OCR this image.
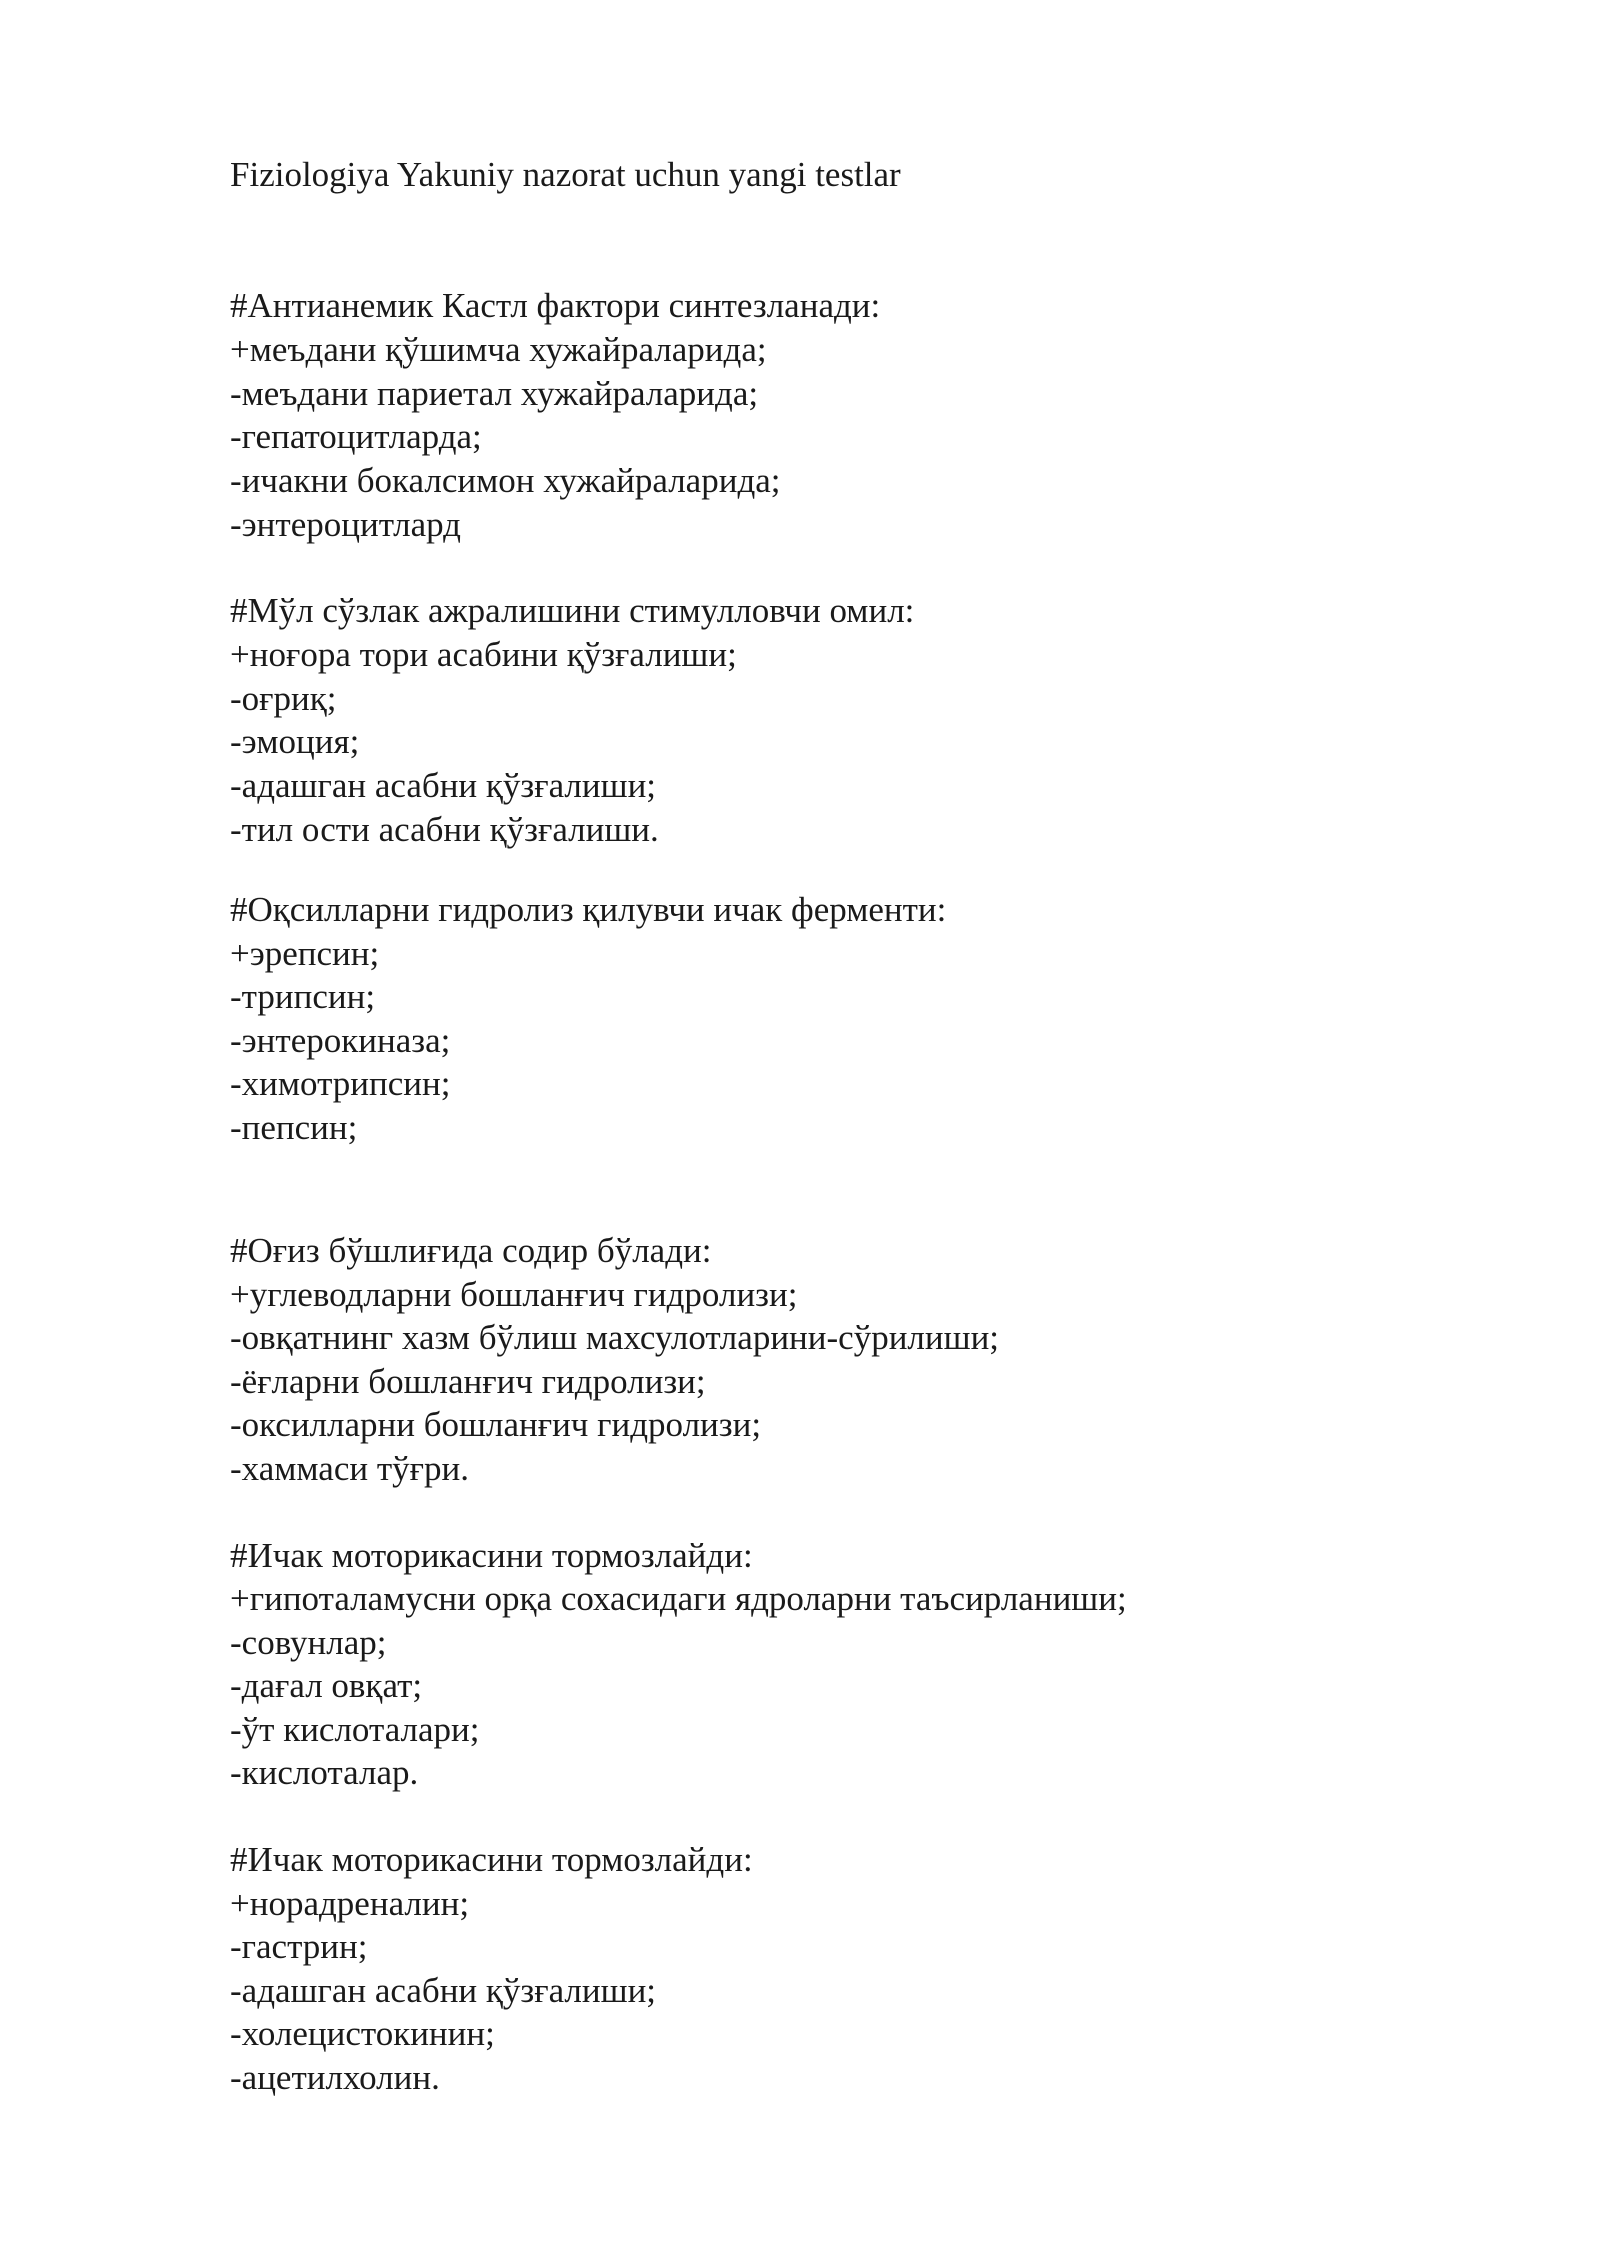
Fiziologiya Yakuniy nazorat uchun yangi testlar

#Антианемик Кастл фактори синтезланади:

+меъдани қўшимча хужайраларида;

-меъдани париетал хужайраларида;

-гепатоцитларда;

-ичакни бокалсимон хужайраларида;

-энтероцитлард

#Мўл сўзлак ажралишини стимулловчи омил:

+ноғора тори асабини қўзғалиши;

-оғриқ;

-эмоция;

-адашган асабни қўзғалиши;

-тил ости асабни қўзғалиши.

#Оқсилларни гидролиз қилувчи ичак ферменти:

+эрепсин;

-трипсин;

-энтерокиназа;

-химотрипсин;

-пепсин;

#Оғиз бўшлиғида содир бўлади:

+углеводларни бошланғич гидролизи;

-овқатнинг хазм бўлиш махсулотларини-сўрилиши;

-ёғларни бошланғич гидролизи;

-оксилларни бошланғич гидролизи;

-хаммаси тўғри.

#Ичак моторикасини тормозлайди:

+гипоталамусни орқа сохасидаги ядроларни таъсирланиши;

-совунлар;

-дағал овқат;

-ўт кислоталари;

-кислоталар.

#Ичак моторикасини тормозлайди:

+норадреналин;

-гастрин;

-адашган асабни қўзғалиши;

-холецистокинин;

-ацетилхолин.
